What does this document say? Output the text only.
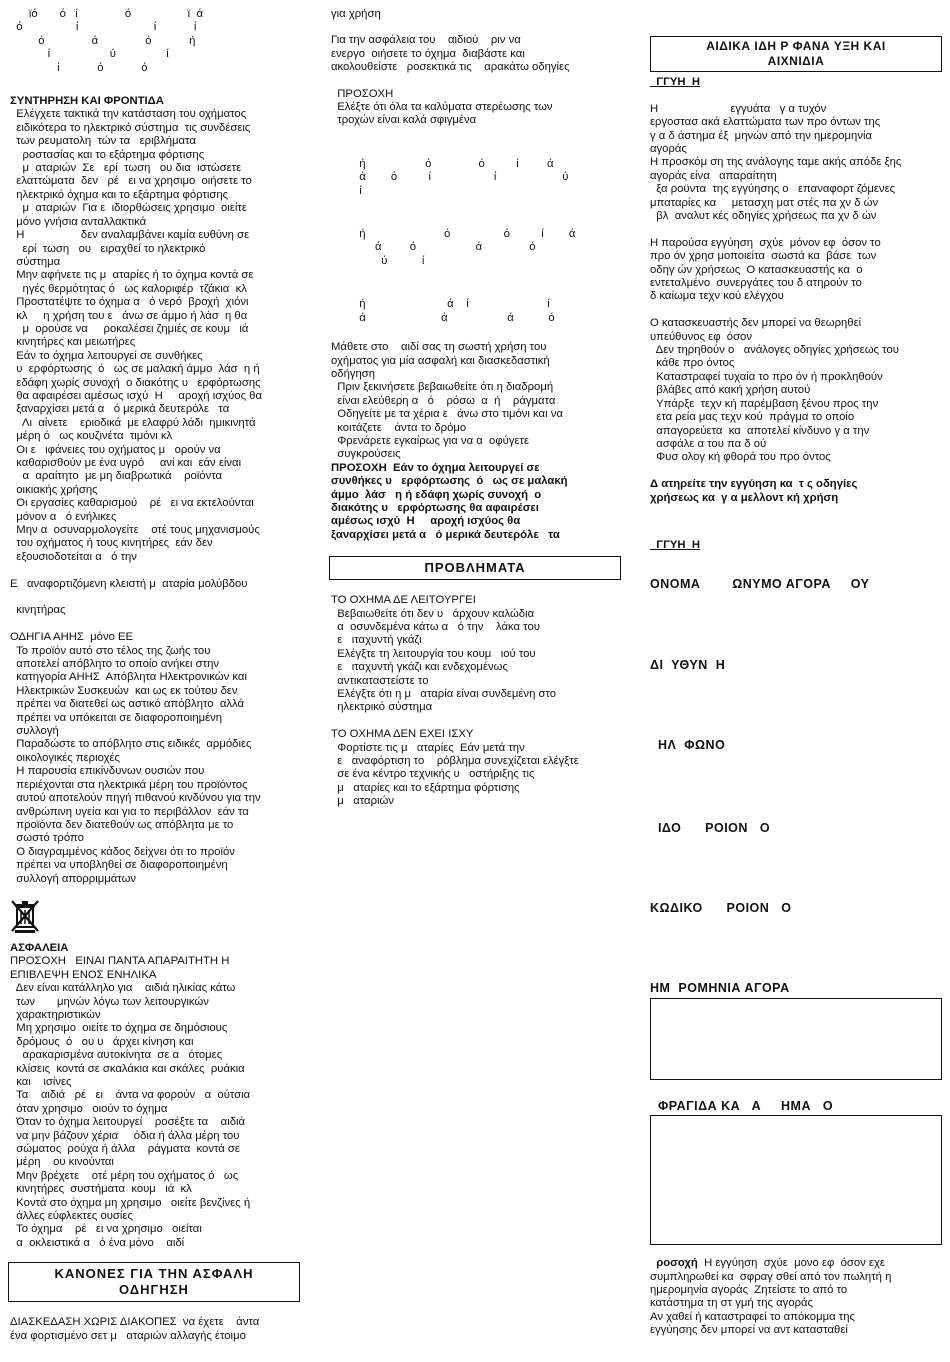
ϊό       ό   ί               ό                  ϊ  ά
ό                 ί                        ί            ί
ό               ά               ό            ή
ί                   ύ                ί
ί            ό            ό
ΣΥΝΤΗΡΗΣΗ ΚΑΙ ΦΡΟΝΤΙΔΑ
Ελέγχετε τακτικά την κατάσταση του οχήματος
ειδικότερα το ηλεκτρικό σύστημα  τις συνδέσεις
των ρευματολη  τών τα   εριβλήματα
ροστασίας και το εξάρτημα φόρτισης
μ  αταριών  Σε   ερί  τωση   ου δια  ιστώσετε
ελαττώματα  δεν   ρέ   ει να χρησιμο  οιήσετε το
ηλεκτρικό όχημα και το εξάρτημα φόρτισης
μ  αταριών  Για ε  ιδιορθώσεις χρησιμο  οιείτε
μόνο γνήσια ανταλλακτικά
Η                  δεν αναλαμβάνει καμία ευθύνη σε
ερί  τωση   ου   ειραχθεί το ηλεκτρικό
σύστημα
Μην αφήνετε τις μ  αταρίες ή το όχημα κοντά σε
ηγές θερμότητας ό   ως καλοριφέρ  τζάκια  κλ
Προστατέψτε το όχημα α   ό νερό  βροχή  χιόνι
κλ     η χρήση του ε   άνω σε άμμο ή λάσ  η θα
μ  ορούσε να     ροκαλέσει ζημιές σε κουμ   ιά
κινητήρες και μειωτήρες
Εάν το όχημα λειτουργεί σε συνθήκες
υ  ερφόρτωσης  ό   ως σε μαλακή άμμο  λάσ  η ή
εδάφη χωρίς συνοχή  ο διακότης υ   ερφόρτωσης
θα αφαιρέσει αμέσως ισχύ  Η     αροχή ισχύος θα
ξαναρχίσει μετά α   ό μερικά δευτερόλε   τα
Λι  αίνετε    εριοδικά  με ελαφρύ λάδι  ημικινητά
μέρη ό   ως κουζινέτα  τιμόνι κλ
Οι ε   ιφάνειες του οχήματος μ   ορούν να
καθαρισθούν με ένα υγρό     ανί και  εάν είναι
α  αραίτητο  με μη διαβρωτικά    ροϊόντα
οικιακής χρήσης
Οι εργασίες καθαρισμού    ρέ   ει να εκτελούνται
μόνον α   ό ενήλικες
Μην α  οσυναρμολογείτε    οτέ τους μηχανισμούς
του οχήματος ή τους κινητήρες  εάν δεν
εξουσιοδοτείται α   ό την
Ε   αναφορτιζόμενη κλειστή μ  αταρία μολύβδου
κινητήρας
ΟΔΗΓΙΑ ΑΗΗΣ  μόνο ΕΕ
Το προϊόν αυτό στο τέλος της ζωής του
αποτελεί απόβλητο το οποίο ανήκει στην
κατηγορία ΑΗΗΣ  Απόβλητα Ηλεκτρονικών και
Ηλεκτρικών Συσκευών  και ως εκ τούτου δεν
πρέπει να διατεθεί ως αστικό απόβλητο  αλλά
πρέπει να υπόκειται σε διαφοροποιημένη
συλλογή
Παραδώστε το απόβλητο στις ειδικές  αρμόδιες
οικολογικές περιοχές
Η παρουσία επικίνδυνων ουσιών που
περιέχονται στα ηλεκτρικά μέρη του προϊόντος
αυτού αποτελούν πηγή πιθανού κινδύνου για την
ανθρώπινη υγεία και για το περιβάλλον  εάν τα
προϊόντα δεν διατεθούν ως απόβλητα με το
σωστό τρόπο
Ο διαγραμμένος κάδος δείχνει ότι το προϊόν
πρέπει να υποβληθεί σε διαφοροποιημένη
συλλογή απορριμμάτων
ΑΣΦΑΛΕΙΑ
ΠΡΟΣΟΧΗ   ΕΙΝΑΙ ΠΑΝΤΑ ΑΠΑΡΑΙΤΗΤΗ Η
ΕΠΙΒΛΕΨΗ ΕΝΟΣ ΕΝΗΛΙΚΑ
Δεν είναι κατάλληλο για    αιδιά ηλικίας κάτω
των       μηνών λόγω των λειτουργικών
χαρακτηριστικών
Μη χρησιμο  οιείτε το όχημα σε δημόσιους
δρόμους  ό   ου υ   άρχει κίνηση και
αρακαρισμένα αυτοκίνητα  σε α   ότομες
κλίσεις  κοντά σε σκαλάκια και σκάλες  ρυάκια
και    ισίνες
Τα    αιδιά   ρέ   ει    άντα να φορούν   α  ούτσια
όταν χρησιμο   οιούν το όχημα
Όταν το όχημα λειτουργεί    ροσέξτε τα    αιδιά
να μην βάζουν χέρια     όδια ή άλλα μέρη του
σώματος  ρούχα ή άλλα    ράγματα  κοντά σε
μέρη    ου κινούνται
Μην βρέχετε    οτέ μέρη του οχήματος ό   ως
κινητήρες  συστήματα  κουμ   ιά  κλ
Κοντά στο όχημα μη χρησιμο   οιείτε βενζίνες ή
άλλες εύφλεκτες ουσίες
Το όχημα    ρέ   ει να χρησιμο   οιείται
α  οκλειστικά α   ό ένα μόνο    αιδί
ΚΑΝΟΝΕΣ ΓΙΑ ΤΗΝ ΑΣΦΑΛΗ
ΟΔΗΓΗΣΗ
ΔΙΑΣΚΕΔΑΣΗ ΧΩΡΙΣ ΔΙΑΚΟΠΕΣ  να έχετε    άντα
ένα φορτισμένο σετ μ   αταριών αλλαγής έτοιμο
για χρήση
Για την ασφάλεια του    αιδιού    ριν να
ενεργο  οιήσετε το όχημα  διαβάστε και
ακολουθείστε   ροσεκτικά τις    αρακάτω οδηγίες
ΠΡΟΣΟΧΗ
Ελέξτε ότι όλα τα καλύματα στερέωσης των
τροχών είναι καλά σφιγμένα
ή                   ό               ό          ί         ά
ά        ό          ί                    ί                     ύ
ί
ή                         ό                 ό          ί        ά
ά         ό                   ά               ό
ύ           ί
ή                          ά    ί                         ί
ά                        ά                   ά           ό
Μάθετε στο    αιδί σας τη σωστή χρήση του
οχήματος για μία ασφαλή και διασκεδαστική
οδήγηση
Πριν ξεκινήσετε βεβαιωθείτε ότι η διαδρομή
είναι ελεύθερη α   ό    ρόσω  α  ή    ράγματα
Οδηγείτε με τα χέρια ε   άνω στο τιμόνι και να
κοιτάζετε    άντα το δρόμο
Φρενάρετε εγκαίρως για να α  οφύγετε
συγκρούσεις
ΠΡΟΣΟΧΗ  Εάν το όχημα λειτουργεί σε
συνθήκες υ   ερφόρτωσης  ό   ως σε μαλακή
άμμο  λάσ   η ή εδάφη χωρίς συνοχή  ο
διακότης υ   ερφόρτωσης θα αφαιρέσει
αμέσως ισχύ  Η     αροχή ισχύος θα
ξαναρχίσει μετά α   ό μερικά δευτερόλε   τα
ΠΡΟΒΛΗΜΑΤΑ
ΤΟ ΟΧΗΜΑ ΔΕ ΛΕΙΤΟΥΡΓΕΙ
Βεβαιωθείτε ότι δεν υ   άρχουν καλώδια
α  οσυνδεμένα κάτω α   ό την    λάκα του
ε   ιταχυντή γκάζι
Ελέγξτε τη λειτουργία του κουμ   ιού του
ε   ιταχυντή γκάζι και ενδεχομένως
αντικαταστείστε το
Ελέγξτε ότι η μ   αταρία είναι συνδεμένη στο
ηλεκτρικό σύστημα
ΤΟ ΟΧΗΜΑ ΔΕΝ ΕΧΕΙ ΙΣΧΥ
Φορτίστε τις μ   αταρίες  Εάν μετά την
ε   αναφόρτιση το    ρόβλημα συνεχίζεται ελέγξτε
σε ένα κέντρο τεχνικής υ   οστήριξης τις
μ   αταρίες και το εξάρτημα φόρτισης
μ   αταριών
ΑΙΔΙΚΑ ΙΔΗ Ρ ΦΑΝΑ ΥΞΗ ΚΑΙ
ΑΙΧΝΙΔΙΑ
ΓΓΥΗ  Η
Η                       εγγυάτα   γ α τυχόν
εργοστασ ακά ελαττώματα των προ όντων της
γ α δ άστημα έξ  μηνών από την ημερομηνία
αγοράς
Η προσκόμ ση της ανάλογης ταμε ακής απόδε ξης
αγοράς είνα   απαραίτητη
ξα ροϋντα  της εγγύησης ο   επαναφορτ ζόμενες
μπαταρίες κα     μετασχη ματ στές πα χν δ ών
βλ  αναλυτ κές οδηγίες χρήσεως πα χν δ ών
Η παρούσα εγγύηση  σχύε  μόνον εφ  όσον το
προ όν χρησ μοποιείτα  σωστά κα  βάσε  των
οδηγ ών χρήσεως  Ο κατασκευαστής κα  ο
εντεταλμένο  συνεργάτες του δ ατηρούν το
δ καίωμα τεχν κού ελέγχου
Ο κατασκευαστής δεν μπορεί να θεωρηθεί
υπεύθυνος εφ  όσον
Δεν τηρηθούν ο   ανάλογες οδηγίες χρήσεως του
κάθε προ όντος
Καταστραφεί τυχαία το προ όν ή προκληθούν
βλάβες από κακή χρήση αυτού
Υπάρξε  τεχν κή παρέμβαση ξένου προς την
ετα ρεία μας τεχν κού  πράγμα το οποίο
απαγορεύετα  κα  αποτελεί κίνδυνο γ α την
ασφάλε α του πα δ ού
Φυσ ολογ κή φθορά του προ όντος
Δ ατηρείτε την εγγύηση κα  τ ς οδηγίες
χρήσεως κα  γ α μελλοντ κή χρήση
ΓΓΥΗ  Η
ΟΝΟΜΑ        ΩΝΥΜΟ ΑΓΟΡΑ     ΟΥ
ΔΙ  ΥΘΥΝ  Η
ΗΛ  ΦΩΝΟ
ΙΔΟ      ΡΟΙΟΝ   Ο
ΚΩΔΙΚΟ      ΡΟΙΟΝ   Ο
ΗΜ  ΡΟΜΗΝΙΑ ΑΓΟΡΑ
ΦΡΑΓΙΔΑ ΚΑ   Α     ΗΜΑ   Ο
ροσοχή  Η εγγύηση  σχύε  μονο εφ  όσον εχε
συμπληρωθεί κα  σφραγ σθεί από τον πωλητή η
ημερομηνία αγοράς  Ζητείστε το από το
κατάστημα τη στ γμή της αγοράς
Αν χαθεί ή καταστραφεί το απόκομμα της
εγγύησης δεν μπορεί να αντ κατασταθεί
